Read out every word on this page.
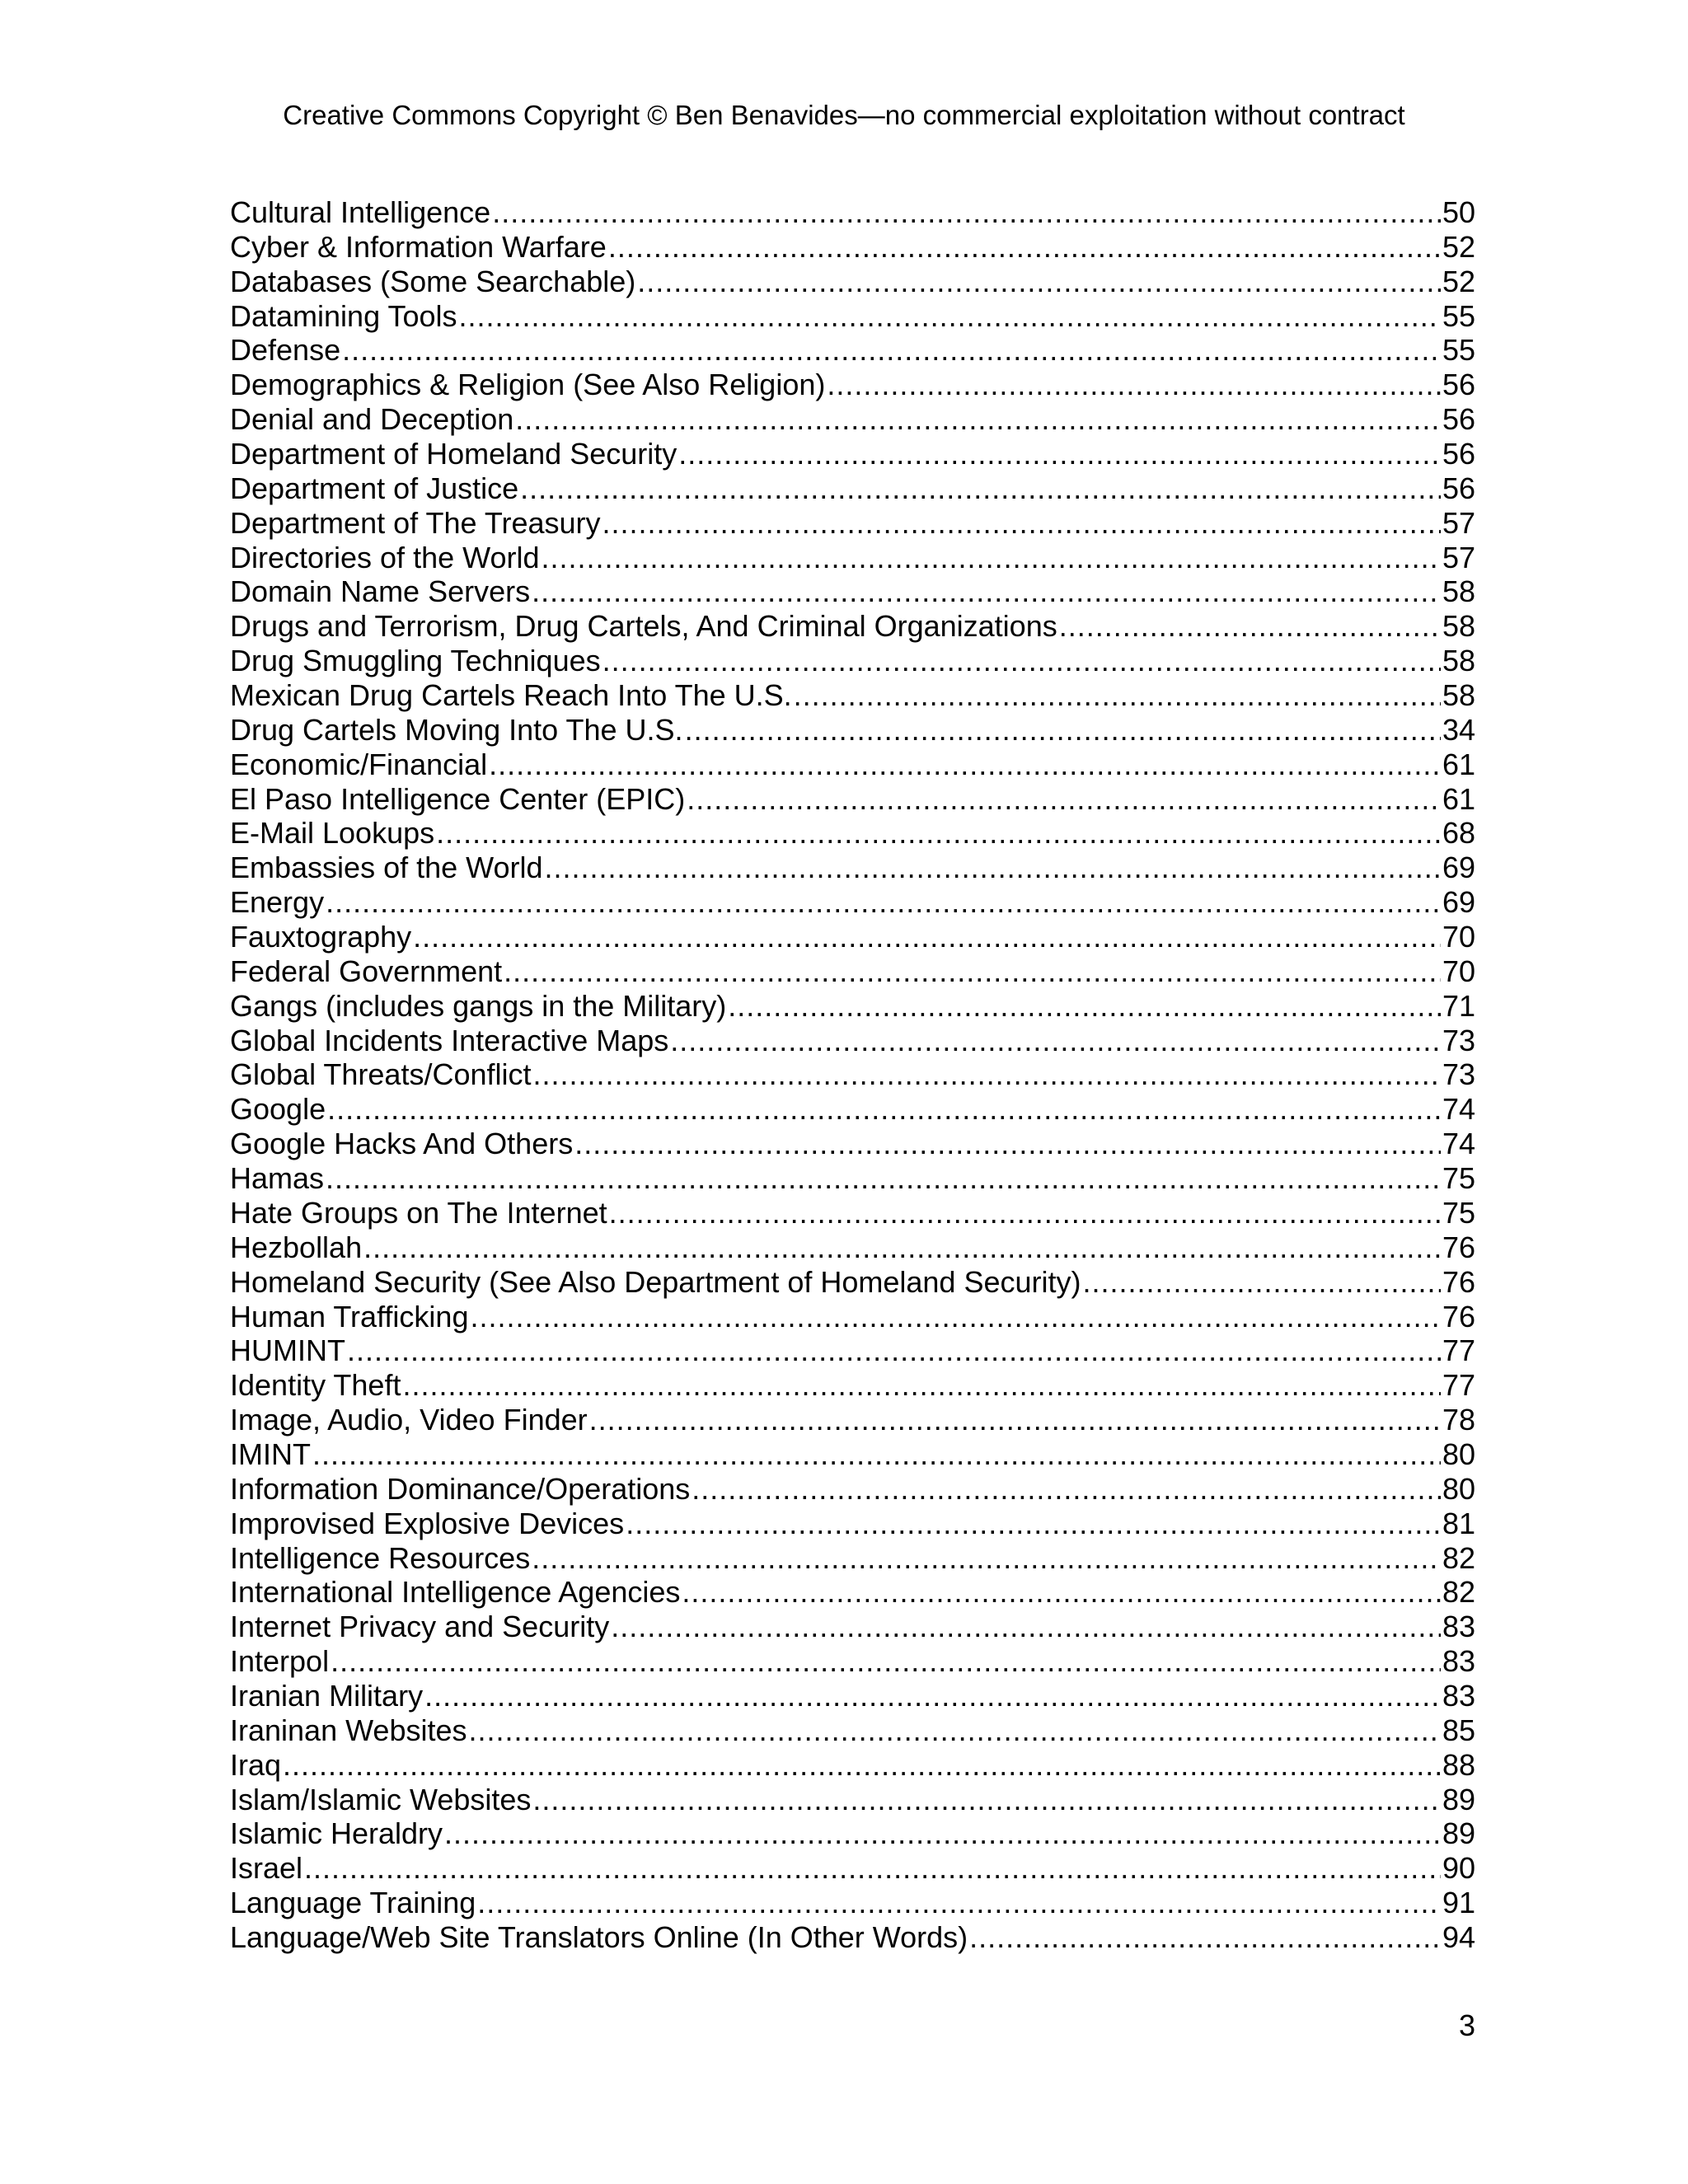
Creative Commons Copyright © Ben Benavides—no commercial exploitation without contract
Cultural Intelligence .....	50
Cyber & Information Warfare .....	52
Databases (Some Searchable) .....	52
Datamining Tools .....	55
Defense .....	55
Demographics & Religion (See Also Religion) .....	56
Denial and Deception .....	56
Department of Homeland Security .....	56
Department of Justice .....	56
Department of The Treasury .....	57
Directories of the World .....	57
Domain Name Servers .....	58
Drugs and Terrorism, Drug Cartels, And Criminal Organizations .....	58
Drug Smuggling Techniques .....	58
Mexican Drug Cartels Reach Into The U.S. .....	58
Drug Cartels Moving Into The U.S. .....	34
Economic/Financial .....	61
El Paso Intelligence Center (EPIC) .....	61
E-Mail Lookups .....	68
Embassies of the World .....	69
Energy .....	69
Fauxtography .....	70
Federal Government .....	70
Gangs (includes gangs in the Military) .....	71
Global Incidents Interactive Maps .....	73
Global Threats/Conflict .....	73
Google .....	74
Google Hacks And Others .....	74
Hamas .....	75
Hate Groups on The Internet .....	75
Hezbollah .....	76
Homeland Security (See Also Department of Homeland Security) .....	76
Human Trafficking .....	76
HUMINT .....	77
Identity Theft .....	77
Image, Audio, Video Finder .....	78
IMINT .....	80
Information Dominance/Operations .....	80
Improvised Explosive Devices .....	81
Intelligence Resources .....	82
International Intelligence Agencies .....	82
Internet Privacy and Security .....	83
Interpol .....	83
Iranian Military .....	83
Iraninan Websites .....	85
Iraq .....	88
Islam/Islamic Websites .....	89
Islamic Heraldry .....	89
Israel .....	90
Language Training .....	91
Language/Web Site Translators Online (In Other Words) .....	94
3
